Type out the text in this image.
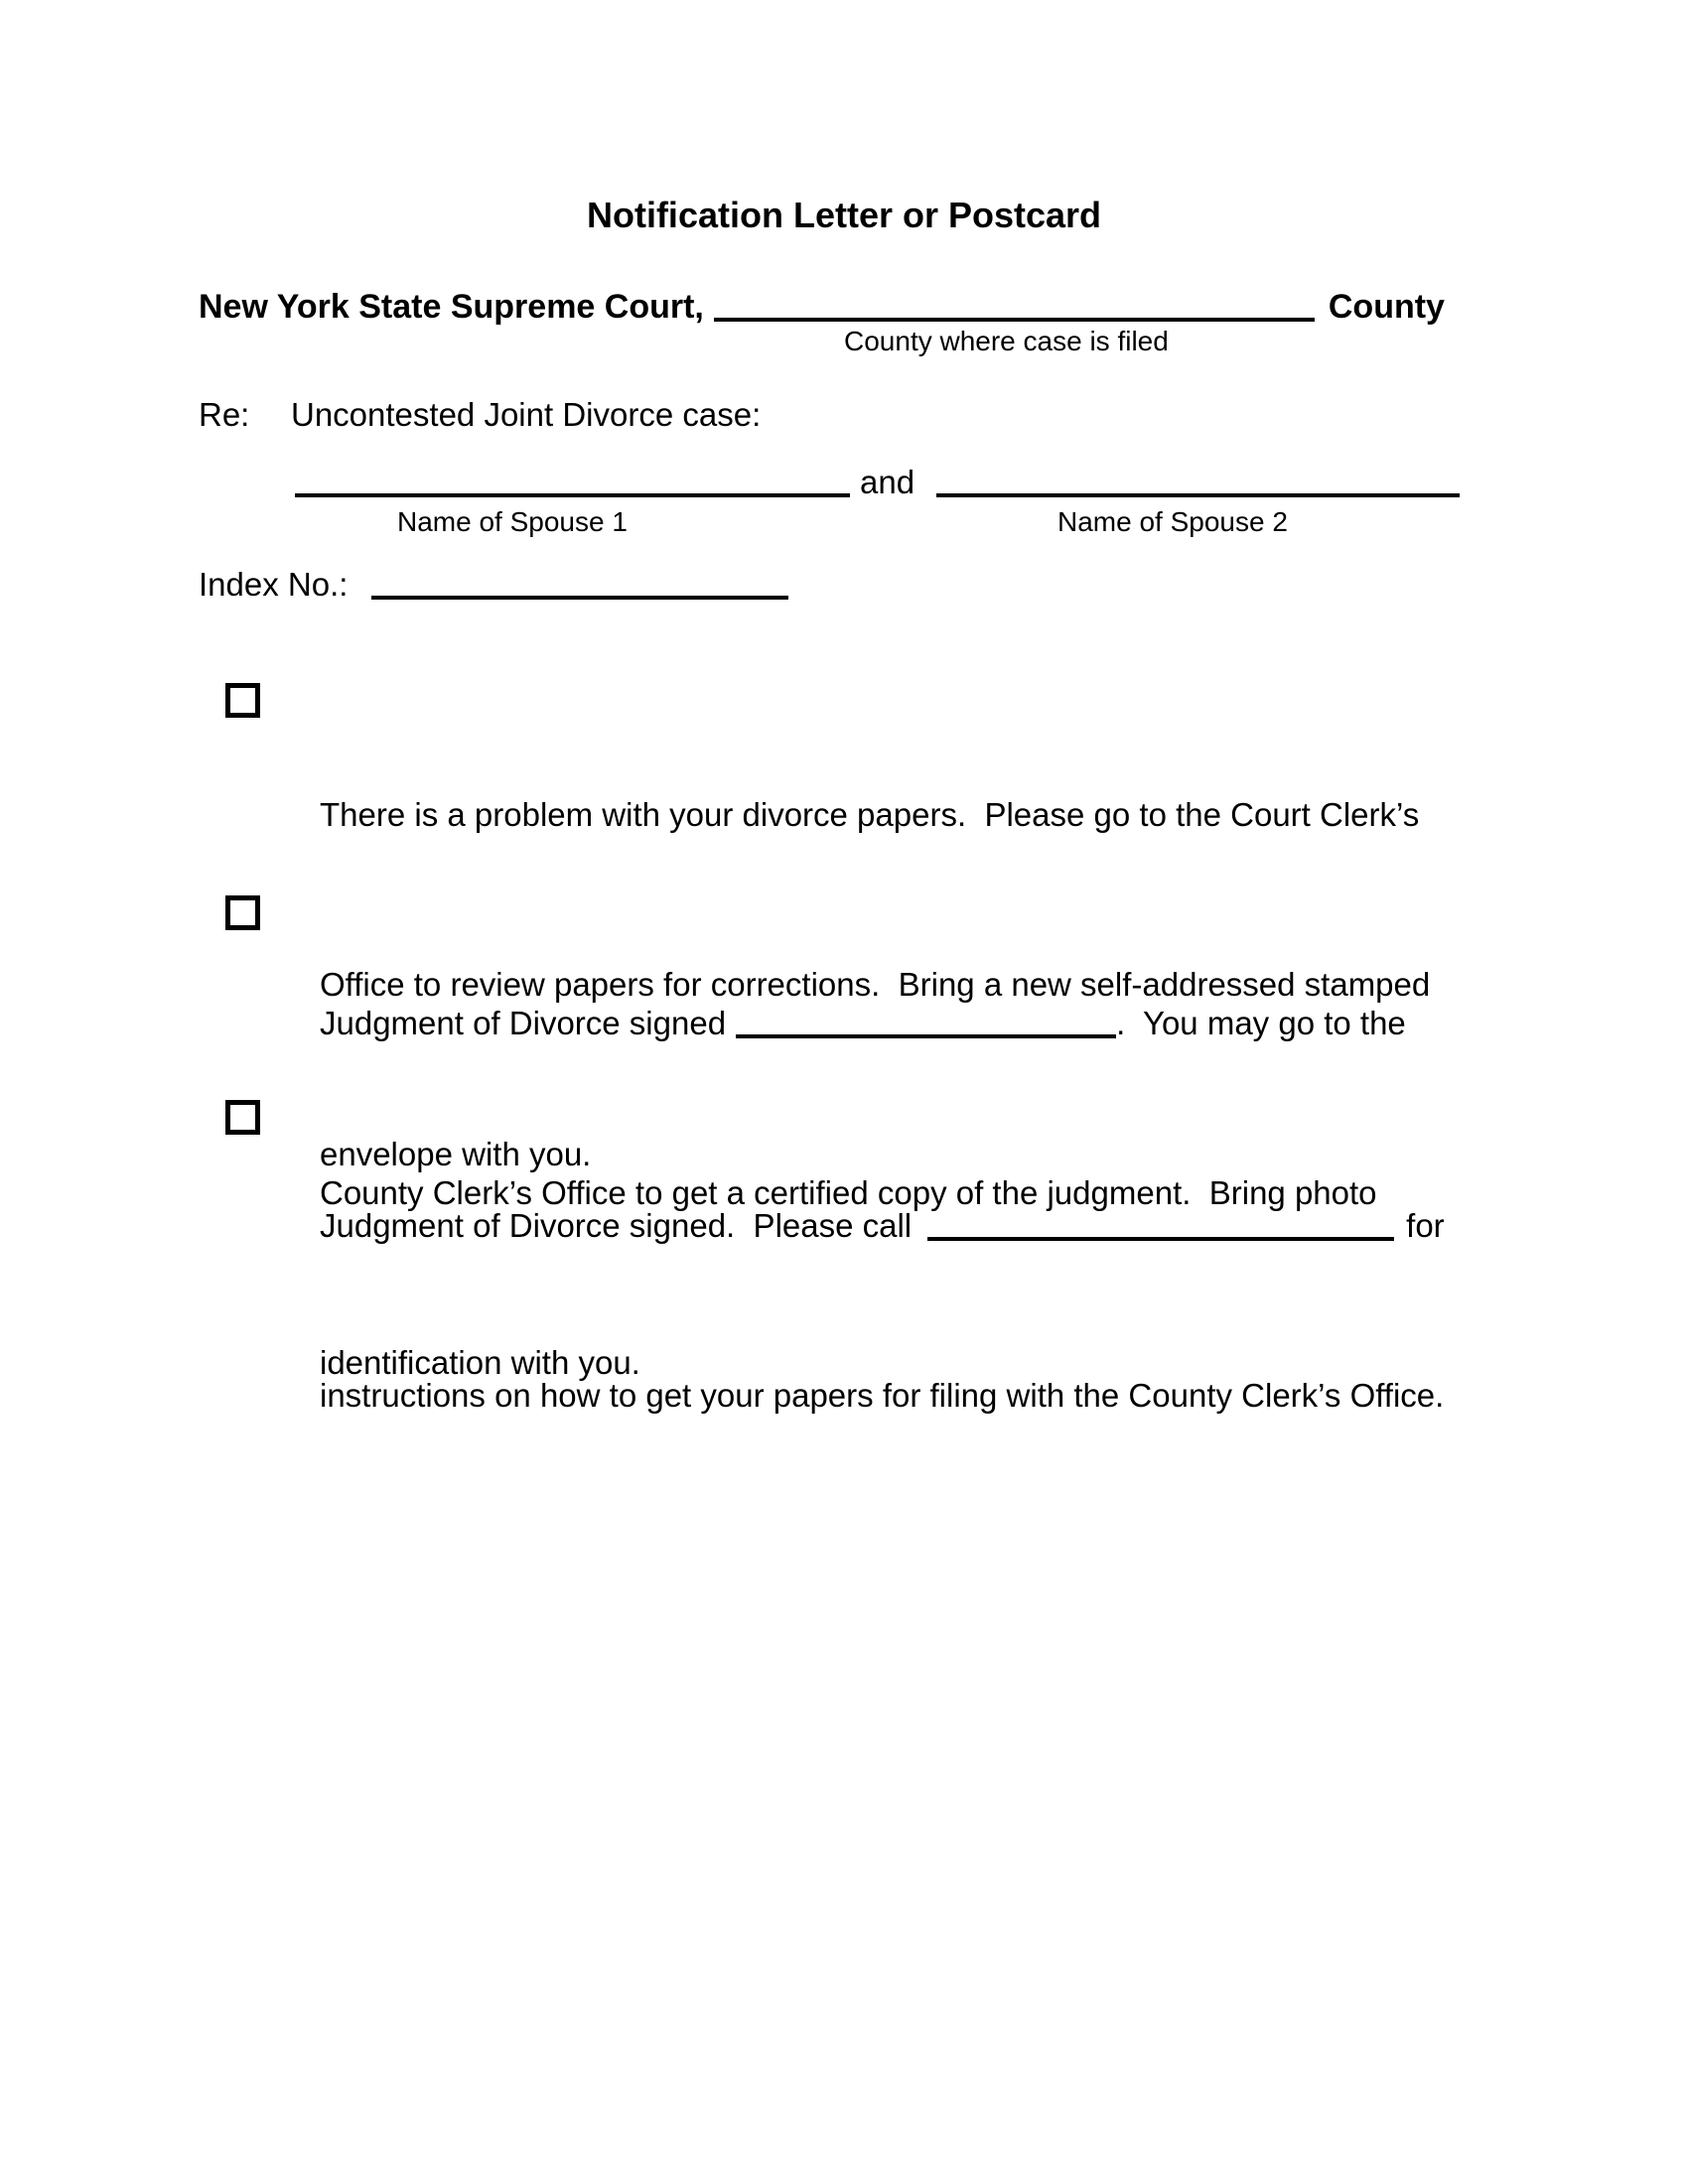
Notification Letter or Postcard
New York State Supreme Court,	County
County where case is filed
Re: Uncontested Joint Divorce case:
and
Name of Spouse 1	Name of Spouse 2
Index No.:

There is a problem with your divorce papers.  Please go to the Court Clerk’s

Office to review papers for corrections.  Bring a new self-addressed stamped

envelope with you.

Judgment of Divorce signed	.  You may go to the

County Clerk’s Office to get a certified copy of the judgment.  Bring photo

identification with you.

Judgment of Divorce signed.  Please call	for

instructions on how to get your papers for filing with the County Clerk’s Office.
